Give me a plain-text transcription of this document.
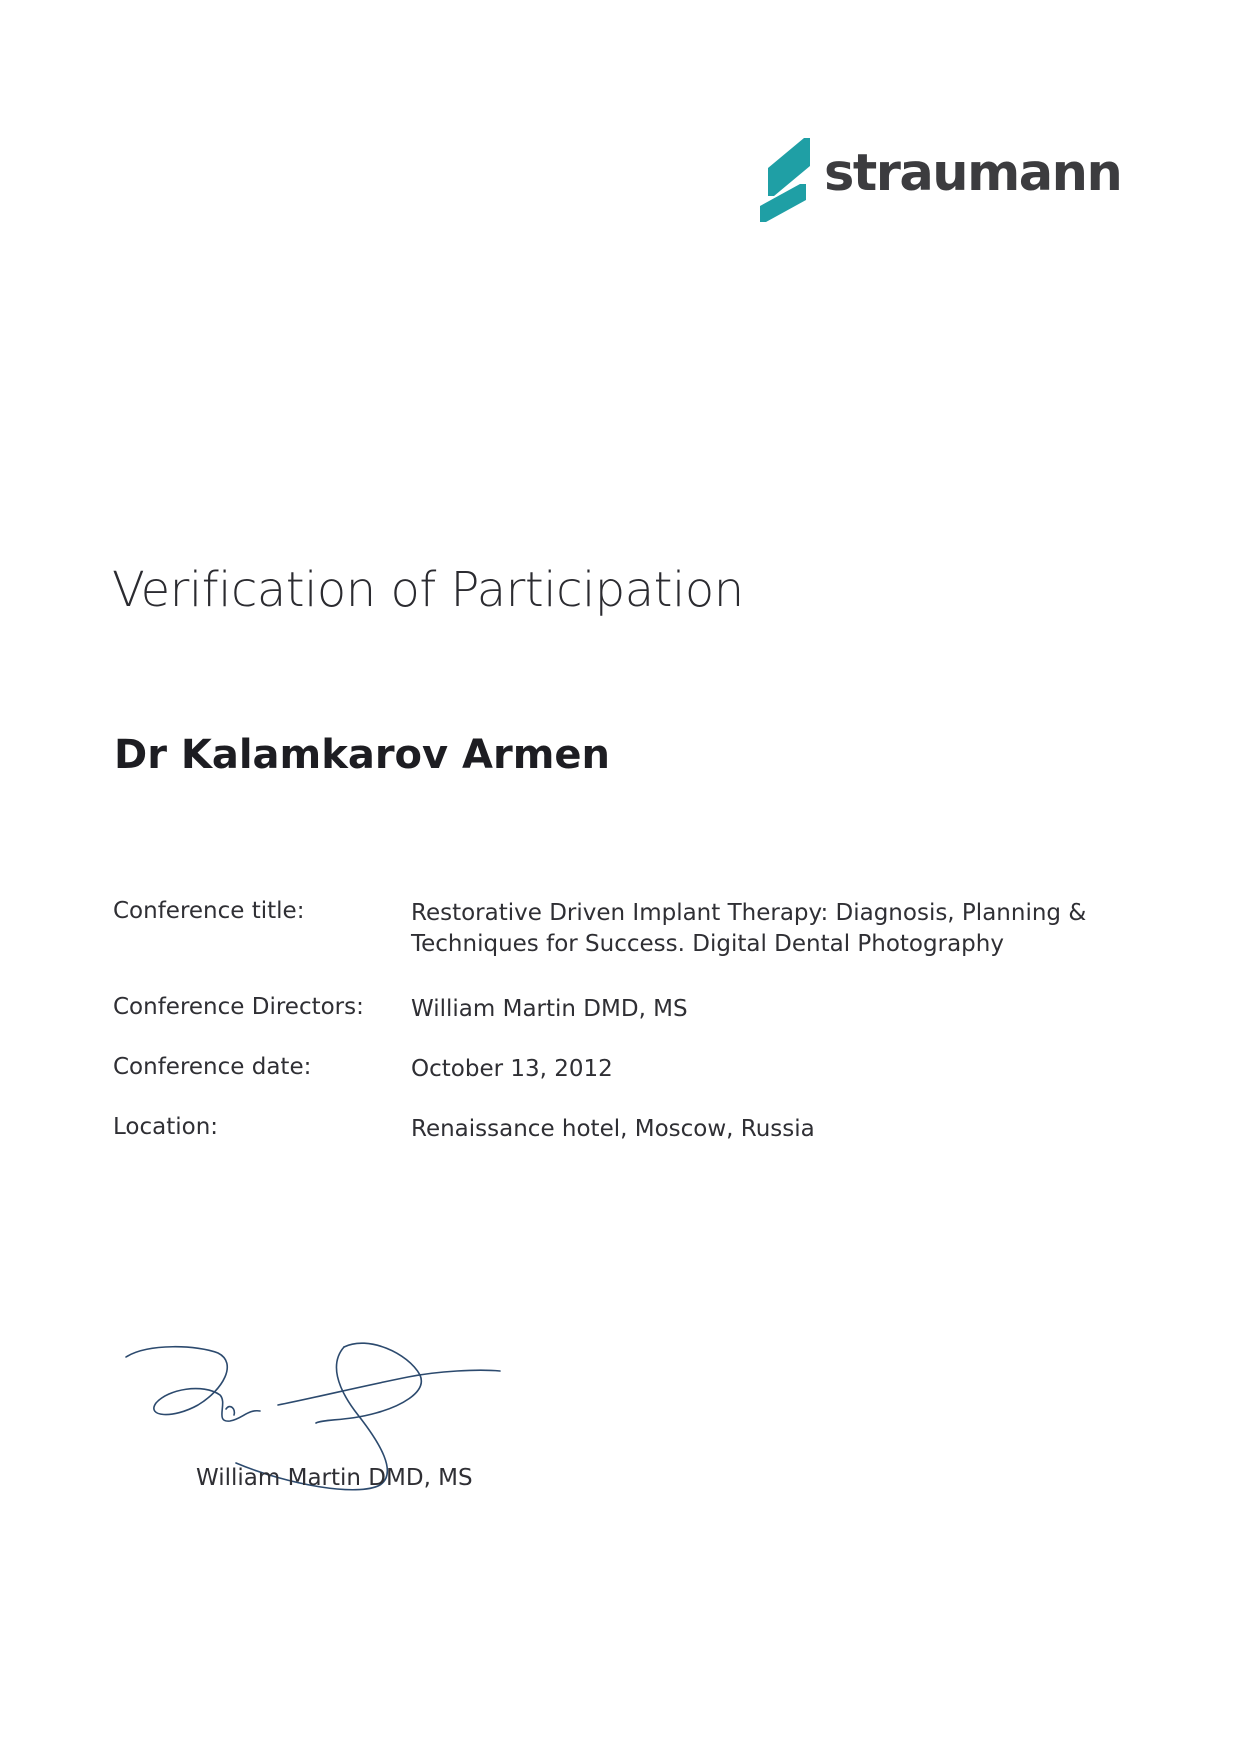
straumann
Verification of Participation
Dr Kalamkarov Armen
Conference title:	Restorative Driven Implant Therapy: Diagnosis, Planning &
Techniques for Success. Digital Dental Photography
Conference Directors: William Martin DMD, MS
Conference date:	October 13, 2012
Location:	Renaissance hotel, Moscow, Russia
William Martin DMD, MS
